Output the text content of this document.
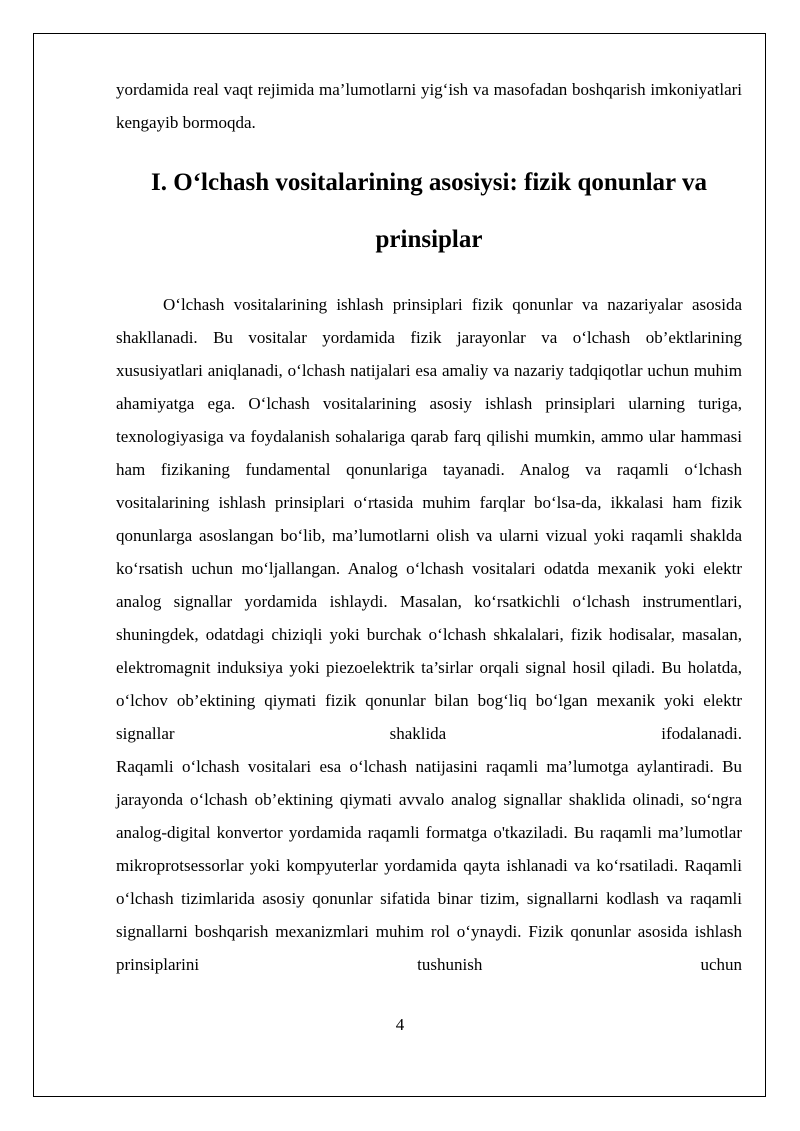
yordamida real vaqt rejimida ma’lumotlarni yig‘ish va masofadan boshqarish imkoniyatlari kengayib bormoqda.

I. O‘lchash vositalarining asosiysi: fizik qonunlar va prinsiplar

O‘lchash vositalarining ishlash prinsiplari fizik qonunlar va nazariyalar asosida shakllanadi. Bu vositalar yordamida fizik jarayonlar va o‘lchash ob’ektlarining xususiyatlari aniqlanadi, o‘lchash natijalari esa amaliy va nazariy tadqiqotlar uchun muhim ahamiyatga ega. O‘lchash vositalarining asosiy ishlash prinsiplari ularning turiga, texnologiyasiga va foydalanish sohalariga qarab farq qilishi mumkin, ammo ular hammasi ham fizikaning fundamental qonunlariga tayanadi. Analog va raqamli o‘lchash vositalarining ishlash prinsiplari o‘rtasida muhim farqlar bo‘lsa-da, ikkalasi ham fizik qonunlarga asoslangan bo‘lib, ma’lumotlarni olish va ularni vizual yoki raqamli shaklda ko‘rsatish uchun mo‘ljallangan. Analog o‘lchash vositalari odatda mexanik yoki elektr analog signallar yordamida ishlaydi. Masalan, ko‘rsatkichli o‘lchash instrumentlari, shuningdek, odatdagi chiziqli yoki burchak o‘lchash shkalalari, fizik hodisalar, masalan, elektromagnit induksiya yoki piezoelektrik ta’sirlar orqali signal hosil qiladi. Bu holatda, o‘lchov ob’ektining qiymati fizik qonunlar bilan bog‘liq bo‘lgan mexanik yoki elektr signallar shaklida ifodalanadi.
Raqamli o‘lchash vositalari esa o‘lchash natijasini raqamli ma’lumotga aylantiradi. Bu jarayonda o‘lchash ob’ektining qiymati avvalo analog signallar shaklida olinadi, so‘ngra analog-digital konvertor yordamida raqamli formatga o'tkaziladi. Bu raqamli ma’lumotlar mikroprotsessorlar yoki kompyuterlar yordamida qayta ishlanadi va ko‘rsatiladi. Raqamli o‘lchash tizimlarida asosiy qonunlar sifatida binar tizim, signallarni kodlash va raqamli signallarni boshqarish mexanizmlari muhim rol o‘ynaydi. Fizik qonunlar asosida ishlash prinsiplarini tushunish uchun

4
